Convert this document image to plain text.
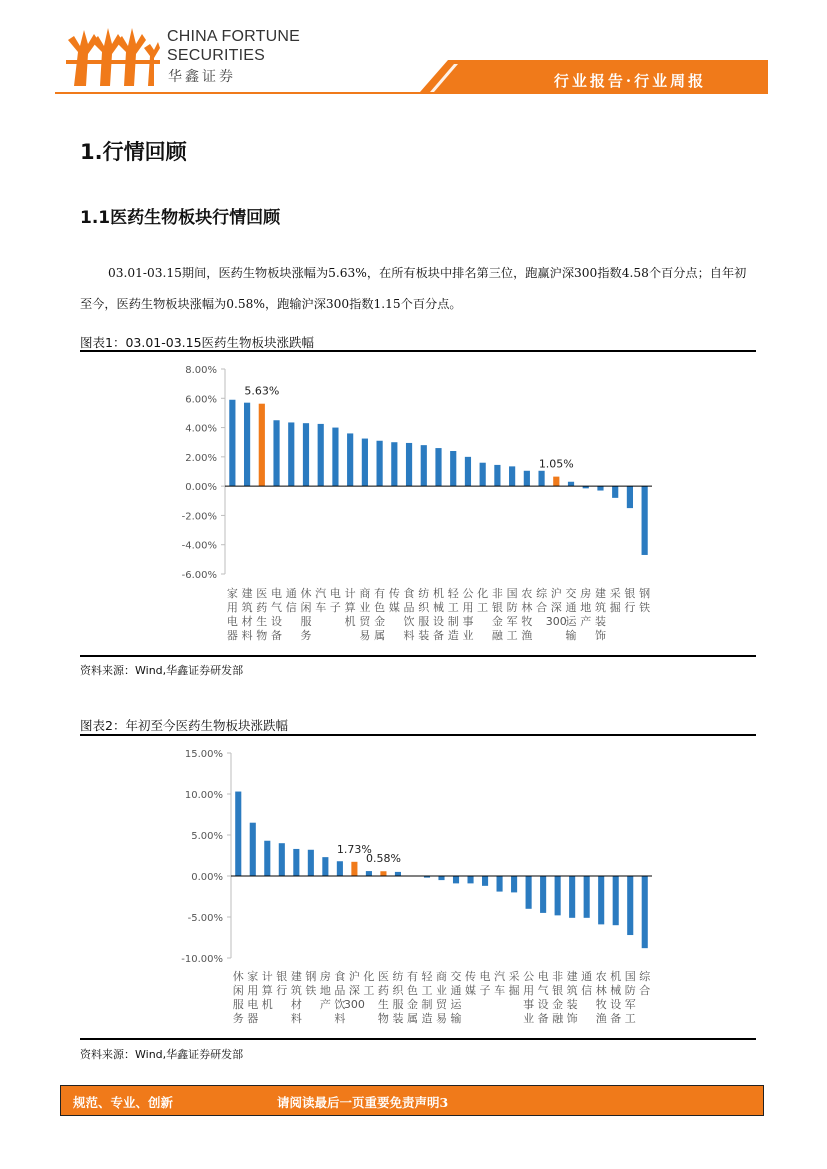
CHINA FORTUNE
SECURITIES
华鑫证券	行业报告·行业周报
1.行情回顾
1.1医药生物板块行情回顾

03.01-03.15期间，医药生物板块涨幅为5.63%，在所有板块中排名第三位，跑赢沪深300指数4.58个百分点；自年初至今，医药生物板块涨幅为0.58%，跑输沪深300指数1.15个百分点。

图表1：03.01-03.15医药生物板块涨跌幅
8.00%
6.00%
4.00%
2.00%
0.00%
-2.00%
-4.00%
-6.00%
家用电器
建筑材料
医药生物
电气设备
通信
休闲服务
汽车
电子
计算机
商业贸易
有色金属
传媒
食品饮料
纺织服装
机械设备
轻工制造
公用事业
化工
非银金融
国防军工
农林牧渔
综合
沪深 300
交通运输
房地产
建筑装饰
采掘
银行
钢铁
5.63%
1.05%
资料来源：Wind,华鑫证券研发部
图表2：年初至今医药生物板块涨跌幅
15.00%
10.00%
5.00%
0.00%
-5.00%
-10.00%
休闲服务
家用电器
计算机
银行
建筑材料
钢铁
房地产
食品饮料
沪深 300
化工
医药生物
纺织服装
有色金属
轻工制造
商业贸易
交通运输
传媒
电子
汽车
采掘
公用事业
电气设备
非银金融
建筑装饰
通信
农林牧渔
机械设备
国防军工
综合
1.73%
0.58%
资料来源：Wind,华鑫证券研发部
规范、专业、创新	请阅读最后一页重要免责声明3
